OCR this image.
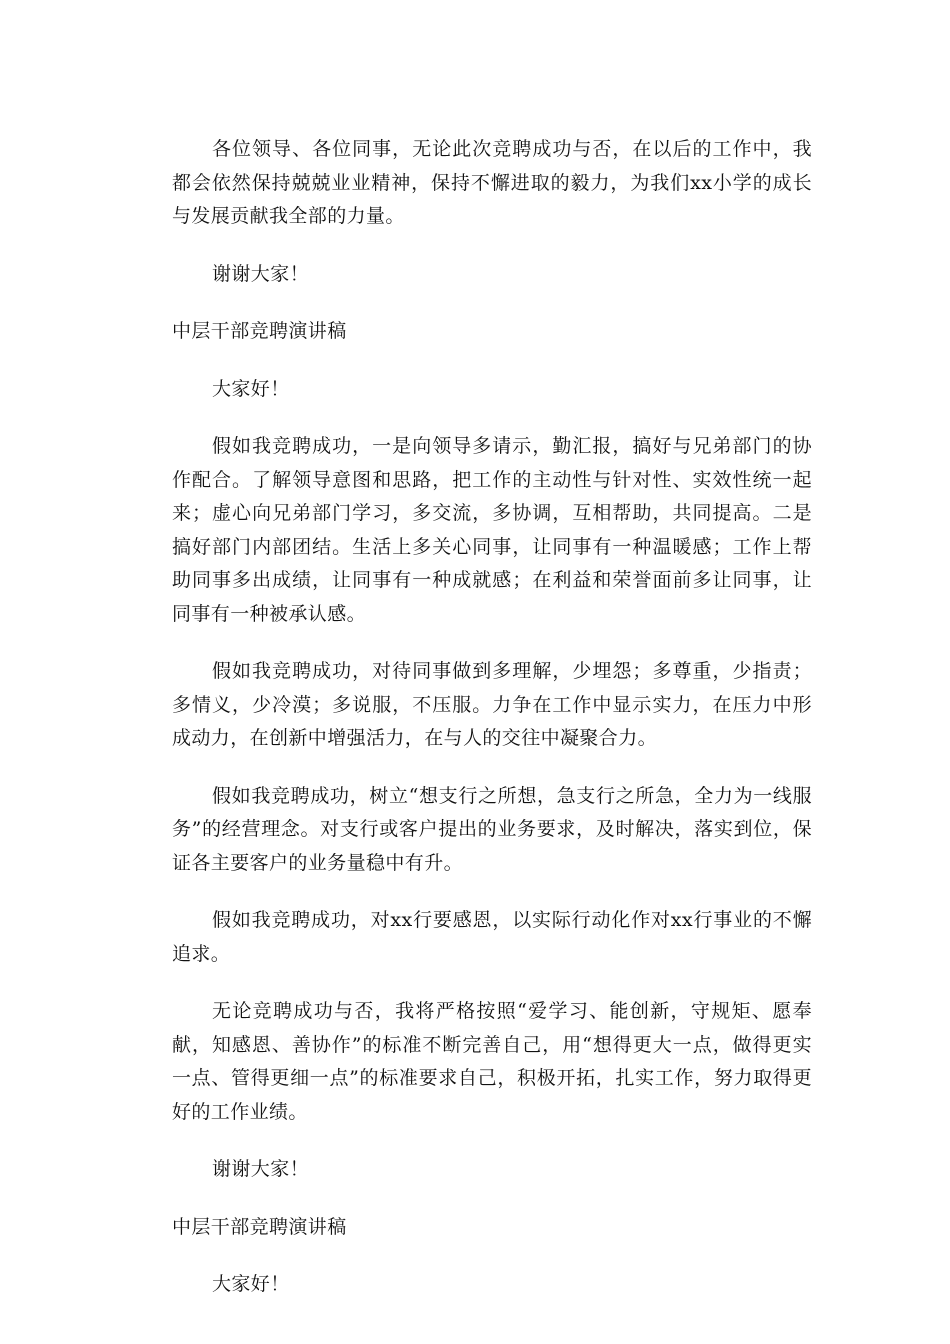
各位领导、各位同事，无论此次竞聘成功与否，在以后的工作中，我都会依然保持兢兢业业精神，保持不懈进取的毅力，为我们xx小学的成长与发展贡献我全部的力量。

谢谢大家！

中层干部竞聘演讲稿

大家好！

假如我竞聘成功，一是向领导多请示，勤汇报，搞好与兄弟部门的协作配合。了解领导意图和思路，把工作的主动性与针对性、实效性统一起来；虚心向兄弟部门学习，多交流，多协调，互相帮助，共同提高。二是搞好部门内部团结。生活上多关心同事，让同事有一种温暖感；工作上帮助同事多出成绩，让同事有一种成就感；在利益和荣誉面前多让同事，让同事有一种被承认感。

假如我竞聘成功，对待同事做到多理解，少埋怨；多尊重，少指责；多情义，少冷漠；多说服，不压服。力争在工作中显示实力，在压力中形成动力，在创新中增强活力，在与人的交往中凝聚合力。

假如我竞聘成功，树立“想支行之所想，急支行之所急，全力为一线服务”的经营理念。对支行或客户提出的业务要求，及时解决，落实到位，保证各主要客户的业务量稳中有升。

假如我竞聘成功，对xx行要感恩，以实际行动化作对xx行事业的不懈追求。

无论竞聘成功与否，我将严格按照“爱学习、能创新，守规矩、愿奉献，知感恩、善协作”的标准不断完善自己，用“想得更大一点，做得更实一点、管得更细一点”的标准要求自己，积极开拓，扎实工作，努力取得更好的工作业绩。

谢谢大家！

中层干部竞聘演讲稿

大家好！
